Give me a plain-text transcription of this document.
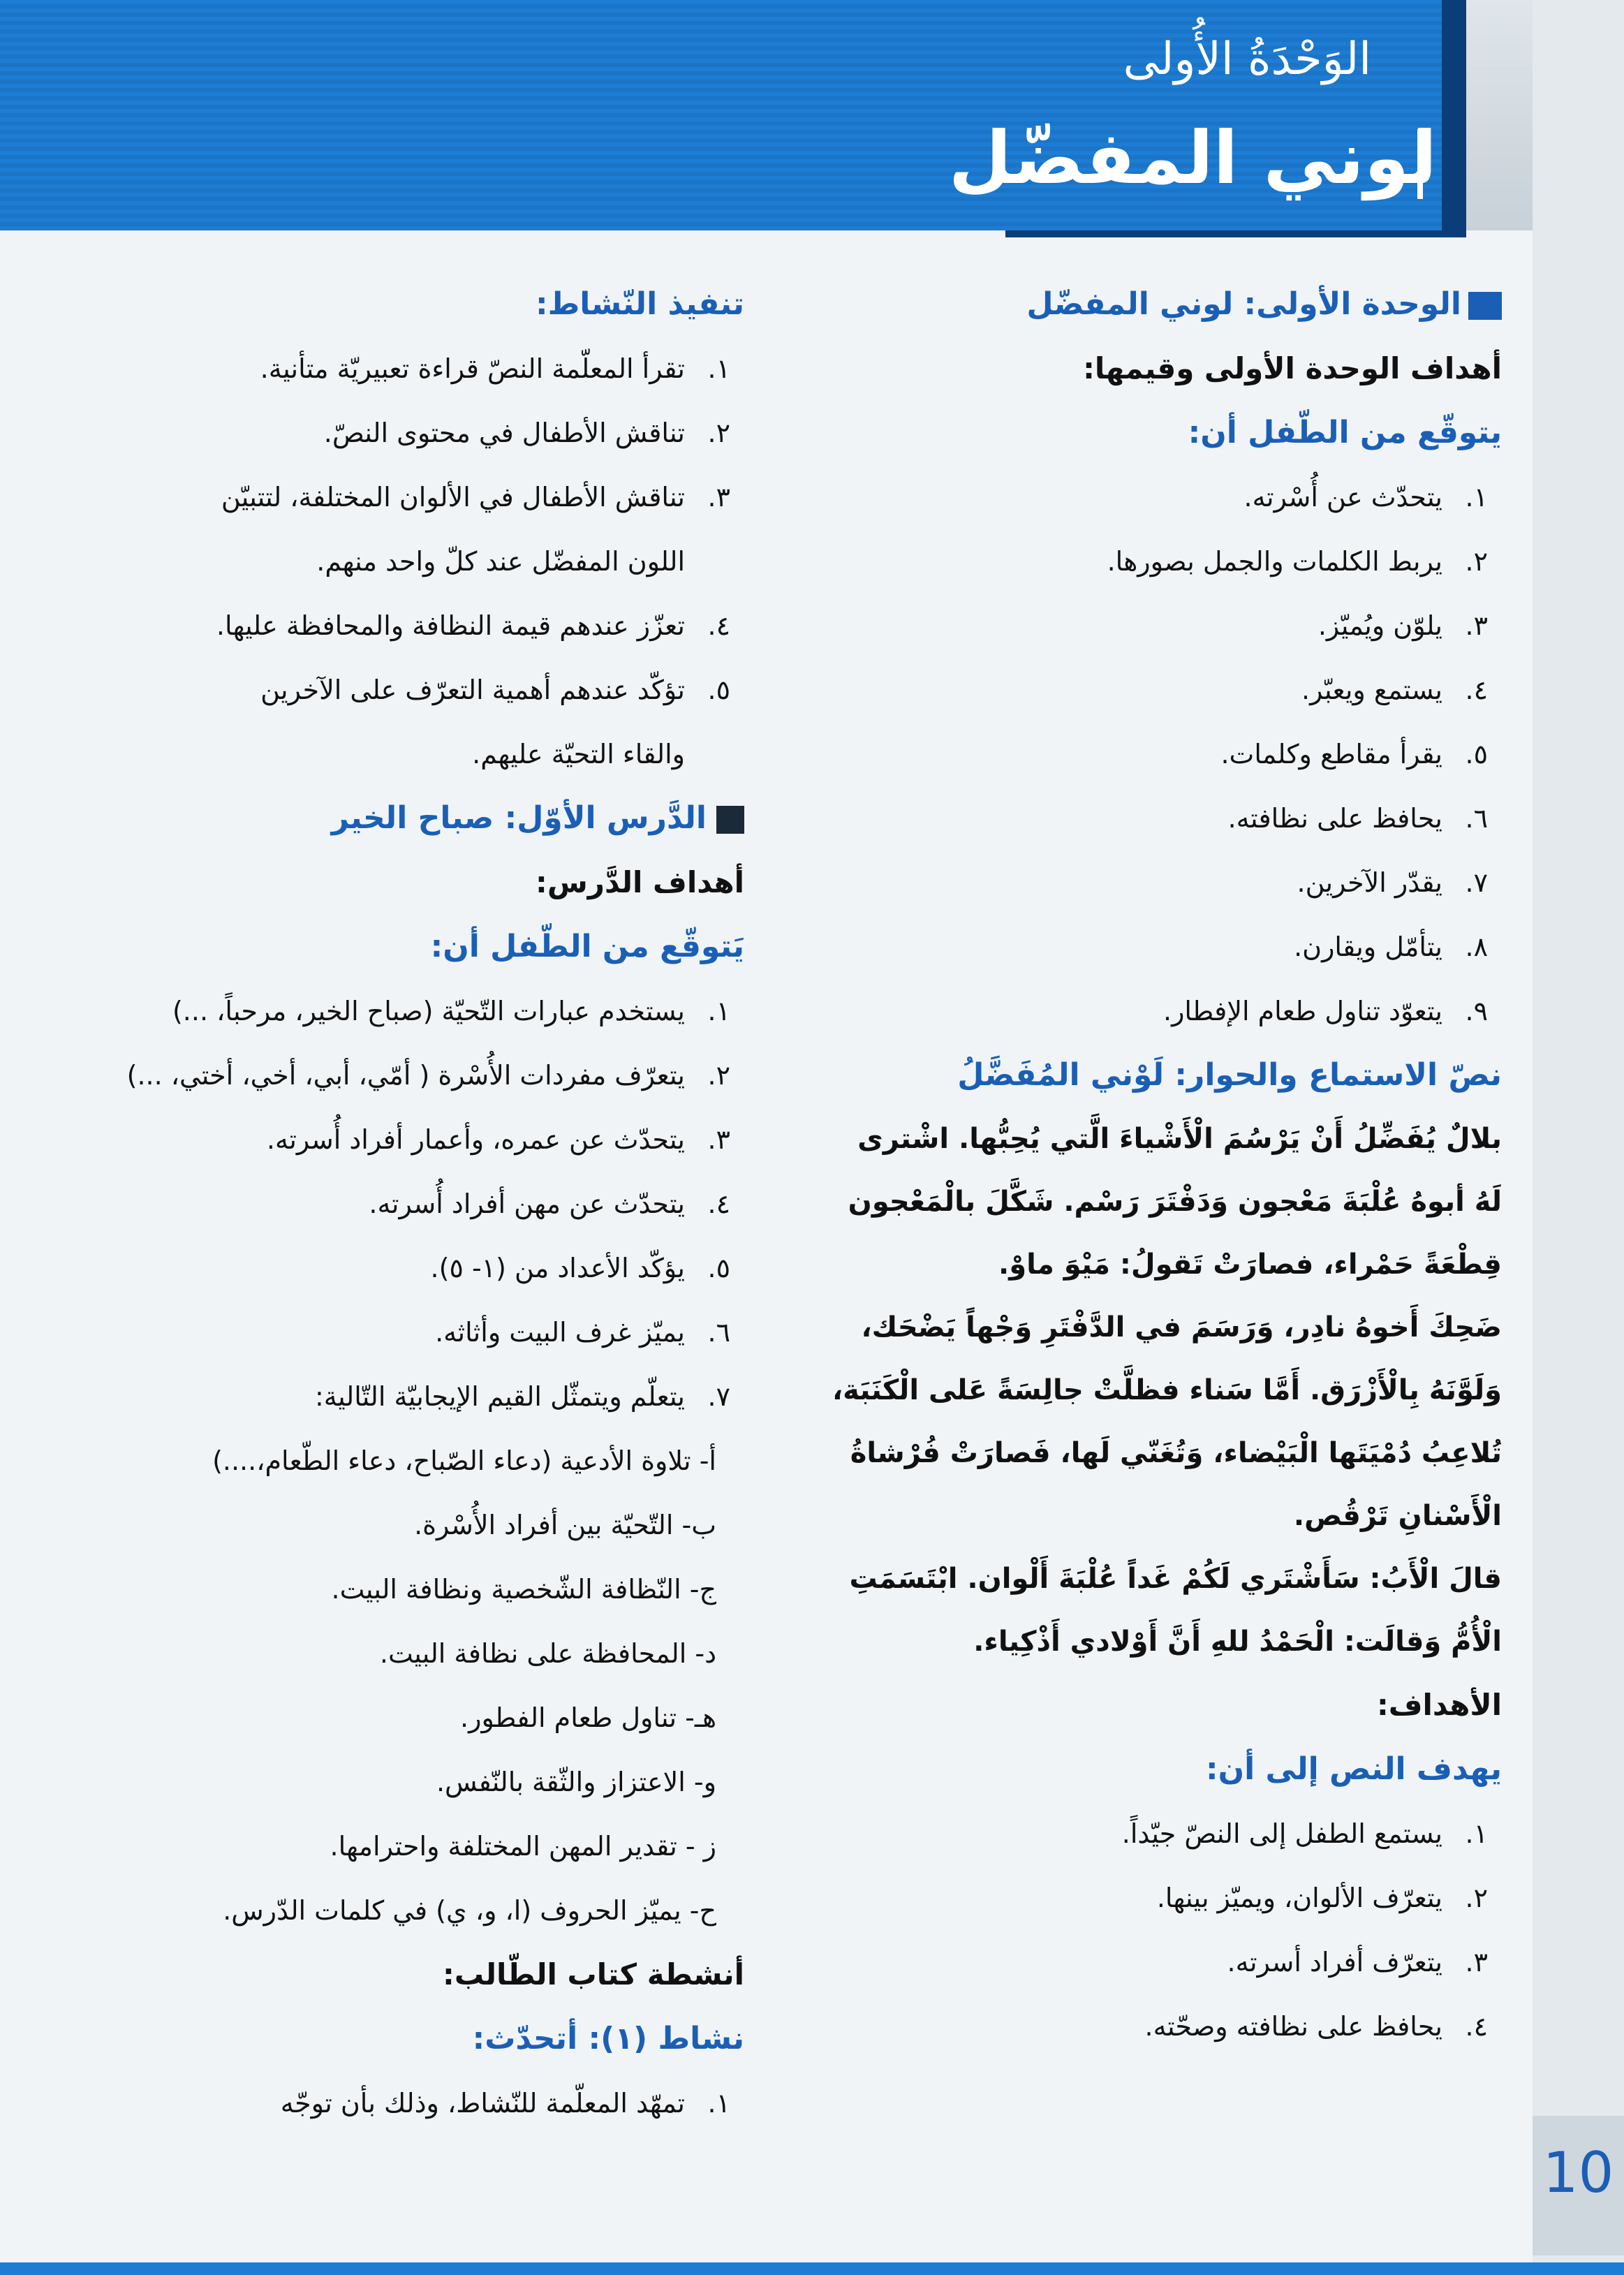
الوَحْدَةُ الأُولى
لوني المفضّل
الوحدة الأولى: لوني المفضّل
أهداف الوحدة الأولى وقيمها:
يتوقّع من الطّفل أن:
١.يتحدّث عن أُسْرته.
٢.يربط الكلمات والجمل بصورها.
٣.يلوّن ويُميّز.
٤.يستمع ويعبّر.
٥.يقرأ مقاطع وكلمات.
٦.يحافظ على نظافته.
٧.يقدّر الآخرين.
٨.يتأمّل ويقارن.
٩.يتعوّد تناول طعام الإفطار.
نصّ الاستماع والحوار: لَوْني المُفَضَّلُ
بلالٌ يُفَضِّلُ أَنْ يَرْسُمَ الْأَشْياءَ الَّتي يُحِبُّها. اشْترى
لَهُ أبوهُ عُلْبَةَ مَعْجون وَدَفْتَرَ رَسْم. شَكَّلَ بالْمَعْجون
قِطْعَةً حَمْراء، فصارَتْ تَقولُ: مَيْوَ ماوْ.
ضَحِكَ أَخوهُ نادِر، وَرَسَمَ في الدَّفْتَرِ وَجْهاً يَضْحَك،
وَلَوَّنَهُ بِالْأَزْرَق. أَمَّا سَناء فظلَّتْ جالِسَةً عَلى الْكَنَبَة،
تُلاعِبُ دُمْيَتَها الْبَيْضاء، وَتُغَنّي لَها، فَصارَتْ فُرْشاةُ
الْأَسْنانِ تَرْقُص.
قالَ الْأَبُ: سَأَشْتَري لَكُمْ غَداً عُلْبَةَ أَلْوان. ابْتَسَمَتِ
الْأُمُّ وَقالَت: الْحَمْدُ للهِ أَنَّ أَوْلادي أَذْكِياء.
الأهداف:
يهدف النص إلى أن:
١.يستمع الطفل إلى النصّ جيّداً.
٢.يتعرّف الألوان، ويميّز بينها.
٣.يتعرّف أفراد أسرته.
٤.يحافظ على نظافته وصحّته.
تنفيذ النّشاط:
١.تقرأ المعلّمة النصّ قراءة تعبيريّة متأنية.
٢.تناقش الأطفال في محتوى النصّ.
٣.تناقش الأطفال في الألوان المختلفة، لتتبيّن
اللون المفضّل عند كلّ واحد منهم.
٤.تعزّز عندهم قيمة النظافة والمحافظة عليها.
٥.تؤكّد عندهم أهمية التعرّف على الآخرين
والقاء التحيّة عليهم.
الدَّرس الأوّل: صباح الخير
أهداف الدَّرس:
يَتوقّع من الطّفل أن:
١.يستخدم عبارات التّحيّة (صباح الخير، مرحباً، ...)
٢.يتعرّف مفردات الأُسْرة ( أمّي، أبي، أخي، أختي، ...)
٣.يتحدّث عن عمره، وأعمار أفراد أُسرته.
٤.يتحدّث عن مهن أفراد أُسرته.
٥.يؤكّد الأعداد من (١- ٥).
٦.يميّز غرف البيت وأثاثه.
٧.يتعلّم ويتمثّل القيم الإيجابيّة التّالية:
أ- تلاوة الأدعية (دعاء الصّباح، دعاء الطّعام،....)
ب- التّحيّة بين أفراد الأُسْرة.
ج- النّظافة الشّخصية ونظافة البيت.
د- المحافظة على نظافة البيت.
هـ- تناول طعام الفطور.
و- الاعتزاز والثّقة بالنّفس.
ز - تقدير المهن المختلفة واحترامها.
ح- يميّز الحروف (ا، و، ي) في كلمات الدّرس.
أنشطة كتاب الطّالب:
نشاط (١): أتحدّث:
١.تمهّد المعلّمة للنّشاط، وذلك بأن توجّه
10
